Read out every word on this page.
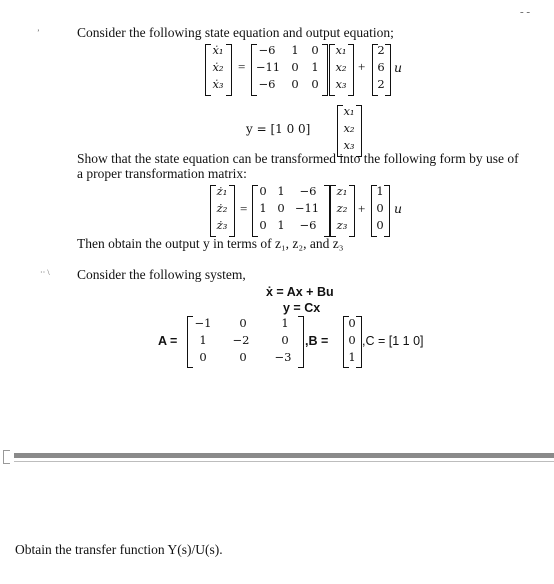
’
- -
·· \
Consider the following state equation and output equation;
ẋ₁
ẋ₂
ẋ₃
=
−6	1	0
−11 0	1
−6	0	0
x₁
x₂
x₃
+
2
6
2
u
y = [1 0 0]
x₁
x₂
x₃
Show that the state equation can be transformed into the following form by use of
a proper transformation matrix:
ż₁
ż₂
ż₃
=
0 1	−6
1 0 −11
0 1	−6
z₁
z₂
z₃
+
1
0
0
u
Then obtain the output y in terms of z₁, z₂, and z₃
Consider the following system,
ẋ = Ax + Bu
y = Cx
A =
−1	0	1
1	−2	0
0	0	−3
,B =
0
0
1
,C = [1 1 0]
Obtain the transfer function Y(s)/U(s).
